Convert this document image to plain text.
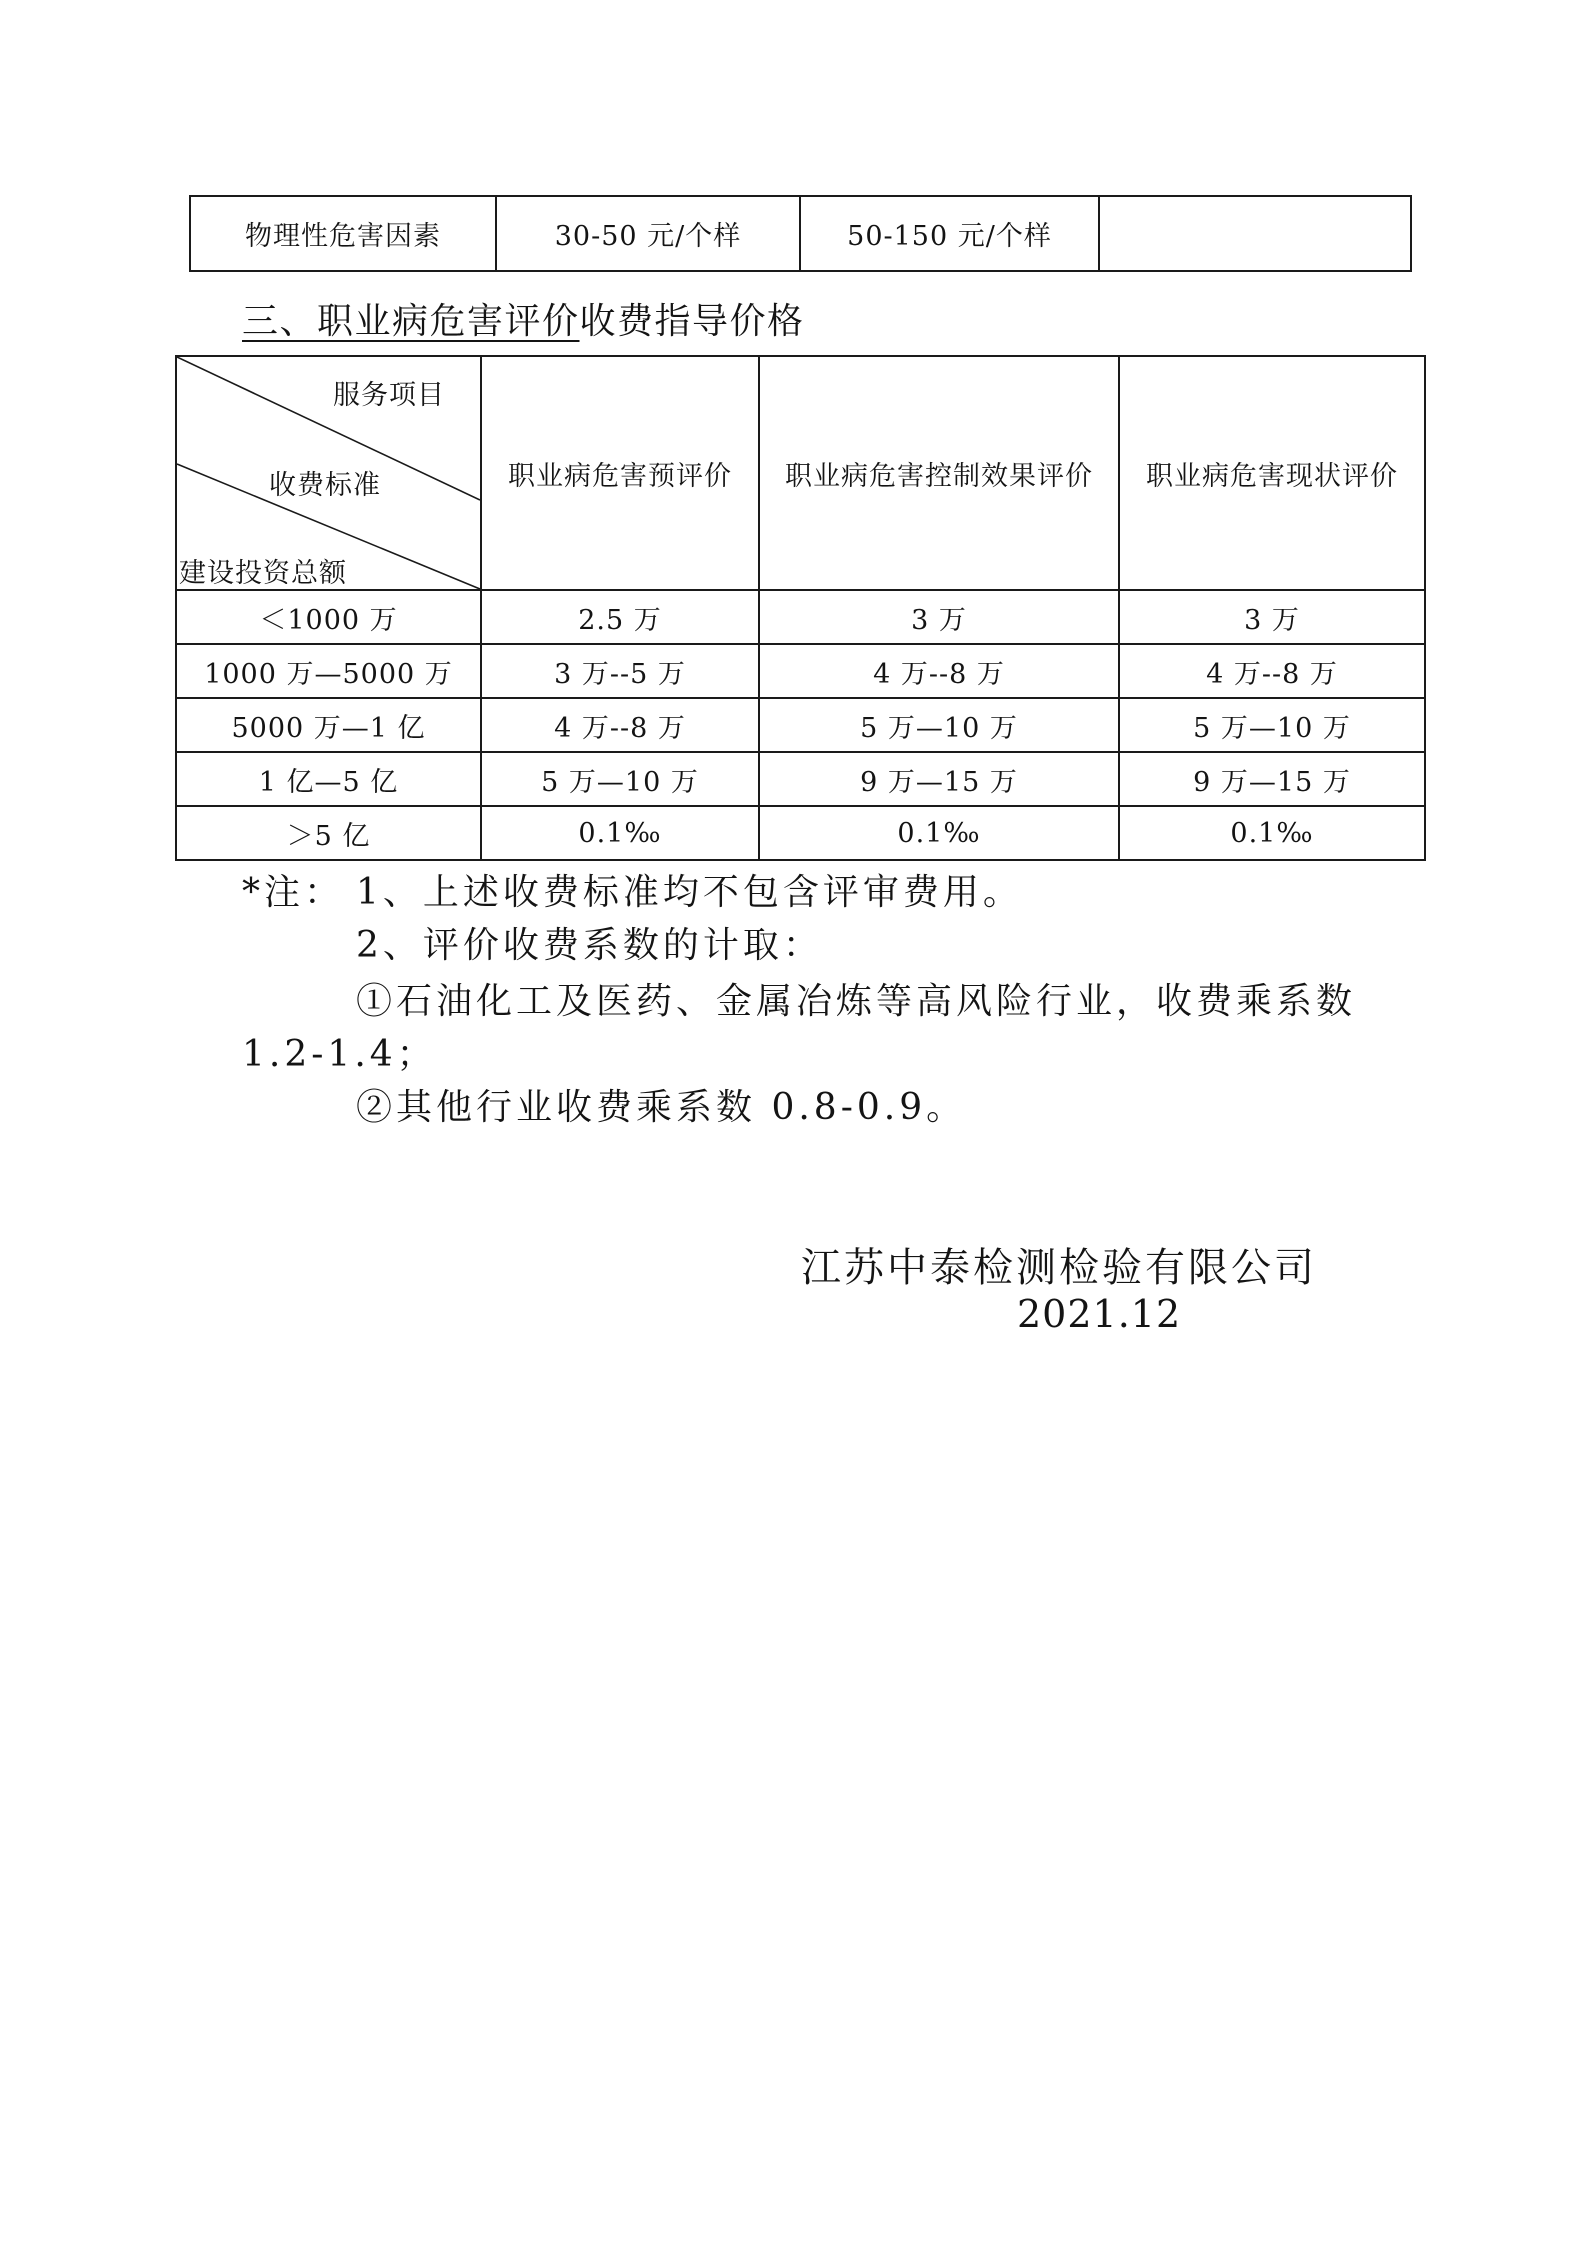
物理性危害因素	30-50 元/个样	50-150 元/个样	
三、职业病危害评价收费指导价格
服务项目
收费标准
建设投资总额	职业病危害预评价	职业病危害控制效果评价	职业病危害现状评价
＜1000 万	2.5 万	3 万	3 万
1000 万—5000 万	3 万--5 万	4 万--8 万	4 万--8 万
5000 万—1 亿	4 万--8 万	5 万—10 万	5 万—10 万
1 亿—5 亿	5 万—10 万	9 万—15 万	9 万—15 万
＞5 亿	0.1‰	0.1‰	0.1‰
*注： 1、上述收费标准均不包含评审费用。
2、评价收费系数的计取：
①石油化工及医药、金属冶炼等高风险行业，收费乘系数
1.2-1.4；
②其他行业收费乘系数 0.8-0.9。
江苏中泰检测检验有限公司
2021.12
